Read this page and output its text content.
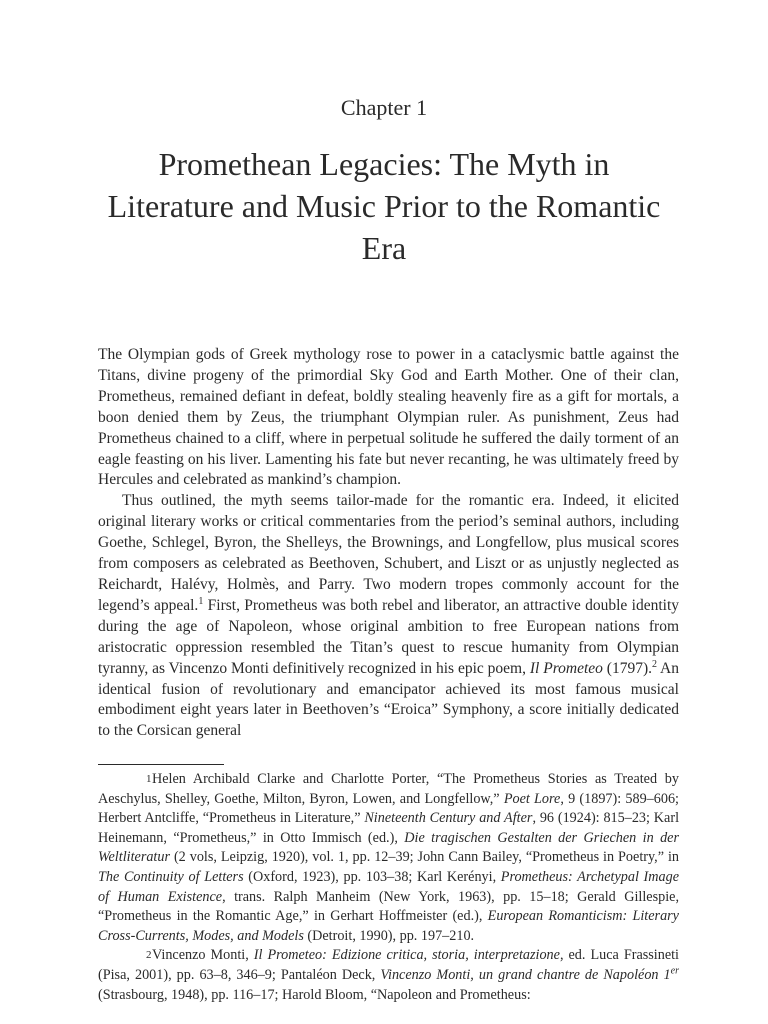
Chapter 1
Promethean Legacies: The Myth in Literature and Music Prior to the Romantic Era

The Olympian gods of Greek mythology rose to power in a cataclysmic battle against the Titans, divine progeny of the primordial Sky God and Earth Mother. One of their clan, Prometheus, remained defiant in defeat, boldly stealing heavenly fire as a gift for mortals, a boon denied them by Zeus, the triumphant Olympian ruler. As punishment, Zeus had Prometheus chained to a cliff, where in perpetual solitude he suffered the daily torment of an eagle feasting on his liver. Lamenting his fate but never recanting, he was ultimately freed by Hercules and celebrated as mankind’s champion.

Thus outlined, the myth seems tailor-made for the romantic era. Indeed, it elicited original literary works or critical commentaries from the period’s seminal authors, including Goethe, Schlegel, Byron, the Shelleys, the Brownings, and Longfellow, plus musical scores from composers as celebrated as Beethoven, Schubert, and Liszt or as unjustly neglected as Reichardt, Halévy, Holmès, and Parry. Two modern tropes commonly account for the legend’s appeal.$^1$ First, Prometheus was both rebel and liberator, an attractive double identity during the age of Napoleon, whose original ambition to free European nations from aristocratic oppression resembled the Titan’s quest to rescue humanity from Olympian tyranny, as Vincenzo Monti definitively recognized in his epic poem, Il Prometeo (1797).$^2$ An identical fusion of revolutionary and emancipator achieved its most famous musical embodiment eight years later in Beethoven’s “Eroica” Symphony, a score initially dedicated to the Corsican general

1Helen Archibald Clarke and Charlotte Porter, “The Prometheus Stories as Treated by Aeschylus, Shelley, Goethe, Milton, Byron, Lowen, and Longfellow,” Poet Lore, 9 (1897): 589–606; Herbert Antcliffe, “Prometheus in Literature,” Nineteenth Century and After, 96 (1924): 815–23; Karl Heinemann, “Prometheus,” in Otto Immisch (ed.), Die tragischen Gestalten der Griechen in der Weltliteratur (2 vols, Leipzig, 1920), vol. 1, pp. 12–39; John Cann Bailey, “Prometheus in Poetry,” in The Continuity of Letters (Oxford, 1923), pp. 103–38; Karl Kerényi, Prometheus: Archetypal Image of Human Existence, trans. Ralph Manheim (New York, 1963), pp. 15–18; Gerald Gillespie, “Prometheus in the Romantic Age,” in Gerhart Hoffmeister (ed.), European Romanticism: Literary Cross-Currents, Modes, and Models (Detroit, 1990), pp. 197–210.

2Vincenzo Monti, Il Prometeo: Edizione critica, storia, interpretazione, ed. Luca Frassineti (Pisa, 2001), pp. 63–8, 346–9; Pantaléon Deck, Vincenzo Monti, un grand chantre de Napoléon 1er (Strasbourg, 1948), pp. 116–17; Harold Bloom, “Napoleon and Prometheus:
